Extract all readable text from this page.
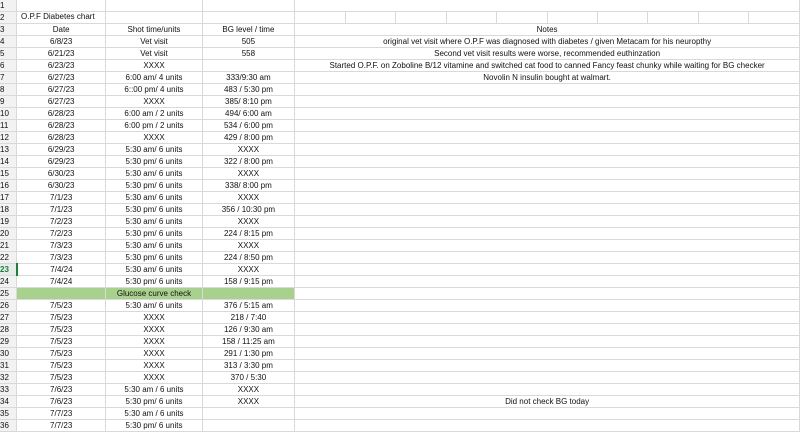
1													
2	O.P.F Diabetes chart												

3	Date	Shot time/units	BG level / time	Notes									
4	6/8/23	Vet visit	505	original vet visit where O.P.F was diagnosed with diabetes / given Metacam for his neuropthy									
5	6/21/23	Vet visit	558	Second vet visit results were worse, recommended euthinzation									
6	6/23/23	XXXX		Started O.P.F. on Zoboline B/12 vitamine and switched cat food to canned Fancy feast chunky while waiting for BG checker									
7	6/27/23	6:00 am/ 4 units	333/9:30 am	Novolin N insulin bought at walmart.									
8	6/27/23	6::00 pm/ 4 units	483 / 5:30 pm										
9	6/27/23	XXXX	385/ 8:10 pm										
10	6/28/23	6:00 am / 2 units	494/ 6:00 am										
11	6/28/23	6:00 pm / 2 units	534 / 6:00 pm										
12	6/28/23	XXXX	429 / 8:00 pm										
13	6/29/23	5:30 am/ 6 units	XXXX										
14	6/29/23	5:30 pm/ 6 units	322 / 8:00 pm										
15	6/30/23	5:30 am/ 6 units	XXXX										
16	6/30/23	5:30 pm/ 6 units	338/ 8:00 pm										
17	7/1/23	5:30 am/ 6 units	XXXX										
18	7/1/23	5:30 pm/ 6 units	356 / 10:30 pm										
19	7/2/23	5:30 am/ 6 units	XXXX										
20	7/2/23	5:30 pm/ 6 units	224 / 8:15 pm										
21	7/3/23	5:30 am/ 6 units	XXXX										
22	7/3/23	5:30 pm/ 6 units	224 / 8:50 pm										
23	7/4/24	5:30 am/ 6 units	XXXX										
24	7/4/24	5:30 pm/ 6 units	158 / 9:15 pm										
25		Glucose curve check											
26	7/5/23	5:30 am/ 6 units	376 / 5:15 am										
27	7/5/23	XXXX	218 / 7:40										
28	7/5/23	XXXX	126 / 9:30 am										
29	7/5/23	XXXX	158 / 11:25 am										
30	7/5/23	XXXX	291 / 1:30 pm										
31	7/5/23	XXXX	313 / 3:30 pm										
32	7/5/23	XXXX	370 / 5:30										
33	7/6/23	5:30 am / 6 units	XXXX										
34	7/6/23	5:30 pm/ 6 units	XXXX	Did not check BG today									
35	7/7/23	5:30 am / 6 units											
36	7/7/23	5:30 pm/ 6 units											
